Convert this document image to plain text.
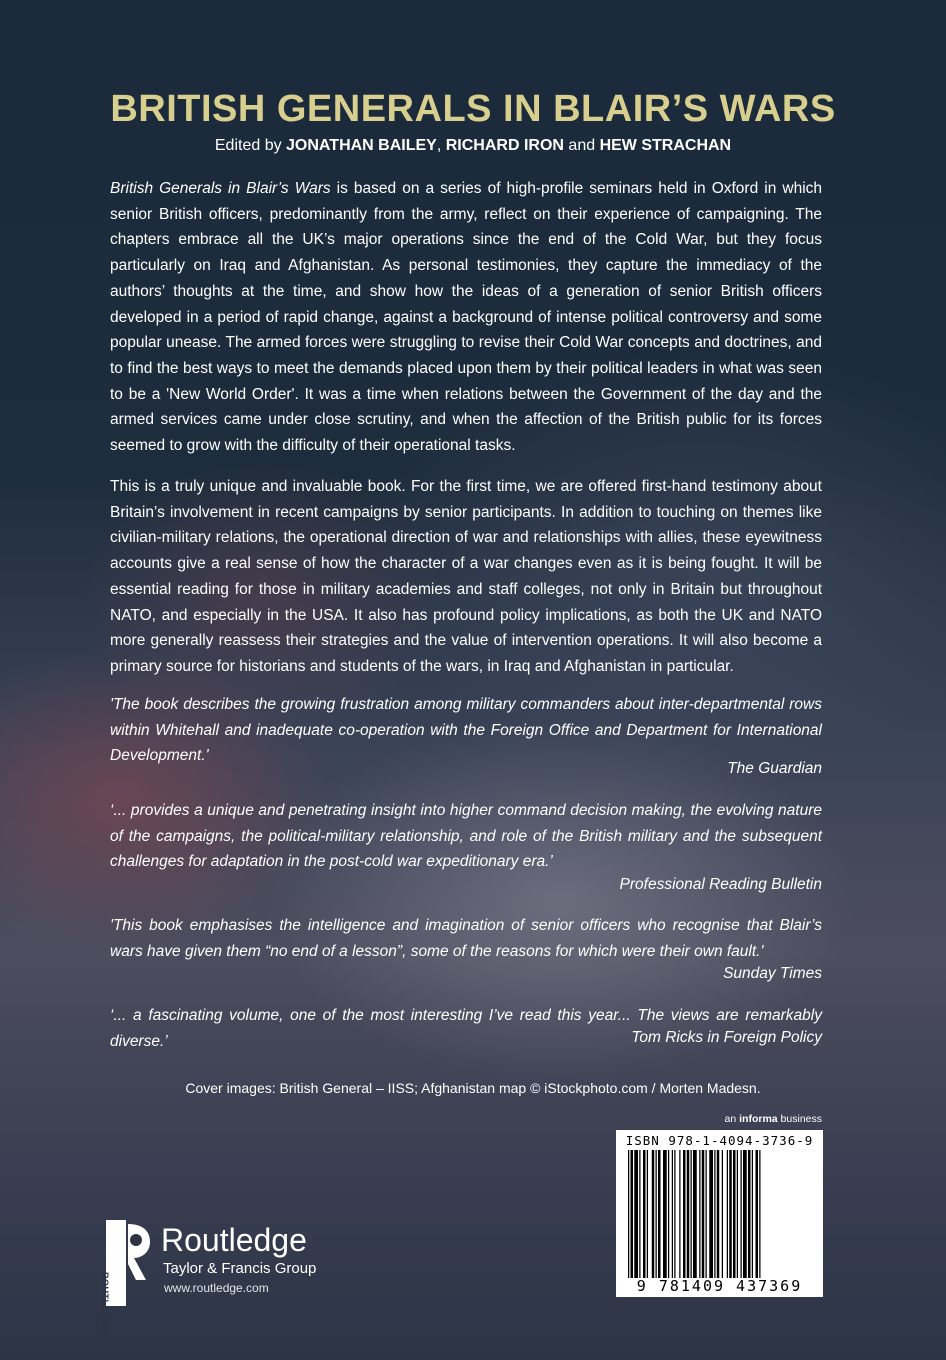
BRITISH GENERALS IN BLAIR’S WARS
Edited by JONATHAN BAILEY, RICHARD IRON and HEW STRACHAN

British Generals in Blair’s Wars is based on a series of high-profile seminars held in Oxford in which senior British officers, predominantly from the army, reflect on their experience of campaigning. The chapters embrace all the UK’s major operations since the end of the Cold War, but they focus particularly on Iraq and Afghanistan. As personal testimonies, they capture the immediacy of the authors’ thoughts at the time, and show how the ideas of a generation of senior British officers developed in a period of rapid change, against a background of intense political controversy and some popular unease. The armed forces were struggling to revise their Cold War concepts and doctrines, and to find the best ways to meet the demands placed upon them by their political leaders in what was seen to be a 'New World Order'. It was a time when relations between the Government of the day and the armed services came under close scrutiny, and when the affection of the British public for its forces seemed to grow with the difficulty of their operational tasks.

This is a truly unique and invaluable book. For the first time, we are offered first-hand testimony about Britain’s involvement in recent campaigns by senior participants. In addition to touching on themes like civilian-military relations, the operational direction of war and relationships with allies, these eyewitness accounts give a real sense of how the character of a war changes even as it is being fought. It will be essential reading for those in military academies and staff colleges, not only in Britain but throughout NATO, and especially in the USA. It also has profound policy implications, as both the UK and NATO more generally reassess their strategies and the value of intervention operations. It will also become a primary source for historians and students of the wars, in Iraq and Afghanistan in particular.

'The book describes the growing frustration among military commanders about inter-departmental rows within Whitehall and inadequate co-operation with the Foreign Office and Department for International Development.'

The Guardian

‘... provides a unique and penetrating insight into higher command decision making, the evolving nature of the campaigns, the political-military relationship, and role of the British military and the subsequent challenges for adaptation in the post-cold war expeditionary era.’

Professional Reading Bulletin

'This book emphasises the intelligence and imagination of senior officers who recognise that Blair’s wars have given them “no end of a lesson”, some of the reasons for which were their own fault.'

Sunday Times

‘... a fascinating volume, one of the most interesting I’ve read this year... The views are remarkably diverse.’	Tom Ricks in Foreign Policy
Cover images: British General – IISS; Afghanistan map © iStockphoto.com / Morten Madesn.
an informa business
ISBN 978-1-4094-3736-9
9 781409 437369
ROUTLEDGE
Routledge
Taylor & Francis Group
www.routledge.com
